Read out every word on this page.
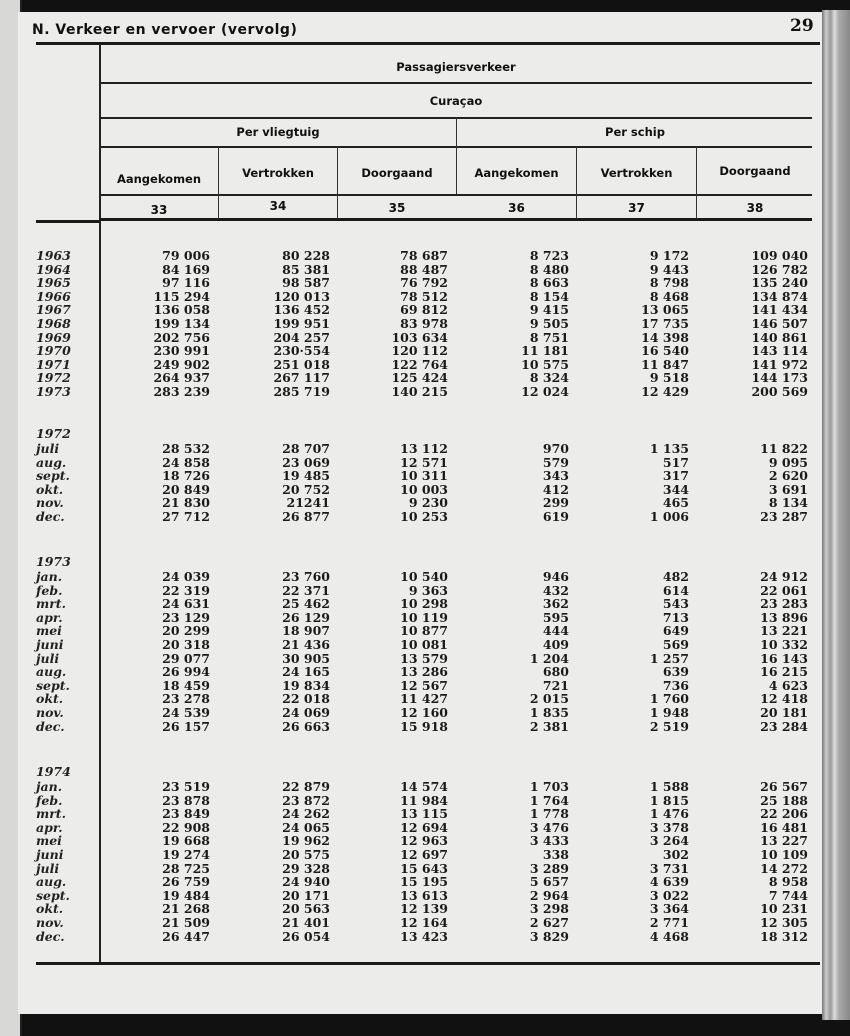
N. Verkeer en vervoer (vervolg)	29
Passagiersverkeer
Curaçao
Per vliegtuig	Per schip
Aangekomen	Vertrokken	Doorgaand	Aangekomen	Vertrokken	Doorgaand
33	34	35	36	37	38
1963	79 006	80 228	78 687	8 723	9 172	109 040
1964	84 169	85 381	88 487	8 480	9 443	126 782
1965	97 116	98 587	76 792	8 663	8 798	135 240
1966	115 294	120 013	78 512	8 154	8 468	134 874
1967	136 058	136 452	69 812	9 415	13 065	141 434
1968	199 134	199 951	83 978	9 505	17 735	146 507
1969	202 756	204 257	103 634	8 751	14 398	140 861
1970	230 991	230·554	120 112	11 181	16 540	143 114
1971	249 902	251 018	122 764	10 575	11 847	141 972
1972	264 937	267 117	125 424	8 324	9 518	144 173
1973	283 239	285 719	140 215	12 024	12 429	200 569
1972
juli	28 532	28 707	13 112	970	1 135	11 822
aug.	24 858	23 069	12 571	579	517	9 095
sept.	18 726	19 485	10 311	343	317	2 620
okt.	20 849	20 752	10 003	412	344	3 691
nov.	21 830	21241	9 230	299	465	8 134
dec.	27 712	26 877	10 253	619	1 006	23 287
1973
jan.	24 039	23 760	10 540	946	482	24 912
feb.	22 319	22 371	9 363	432	614	22 061
mrt.	24 631	25 462	10 298	362	543	23 283
apr.	23 129	26 129	10 119	595	713	13 896
mei	20 299	18 907	10 877	444	649	13 221
juni	20 318	21 436	10 081	409	569	10 332
juli	29 077	30 905	13 579	1 204	1 257	16 143
aug.	26 994	24 165	13 286	680	639	16 215
sept.	18 459	19 834	12 567	721	736	4 623
okt.	23 278	22 018	11 427	2 015	1 760	12 418
nov.	24 539	24 069	12 160	1 835	1 948	20 181
dec.	26 157	26 663	15 918	2 381	2 519	23 284
1974
jan.	23 519	22 879	14 574	1 703	1 588	26 567
feb.	23 878	23 872	11 984	1 764	1 815	25 188
mrt.	23 849	24 262	13 115	1 778	1 476	22 206
apr.	22 908	24 065	12 694	3 476	3 378	16 481
mei	19 668	19 962	12 963	3 433	3 264	13 227
juni	19 274	20 575	12 697	338	302	10 109
juli	28 725	29 328	15 643	3 289	3 731	14 272
aug.	26 759	24 940	15 195	5 657	4 639	8 958
sept.	19 484	20 171	13 613	2 964	3 022	7 744
okt.	21 268	20 563	12 139	3 298	3 364	10 231
nov.	21 509	21 401	12 164	2 627	2 771	12 305
dec.	26 447	26 054	13 423	3 829	4 468	18 312
